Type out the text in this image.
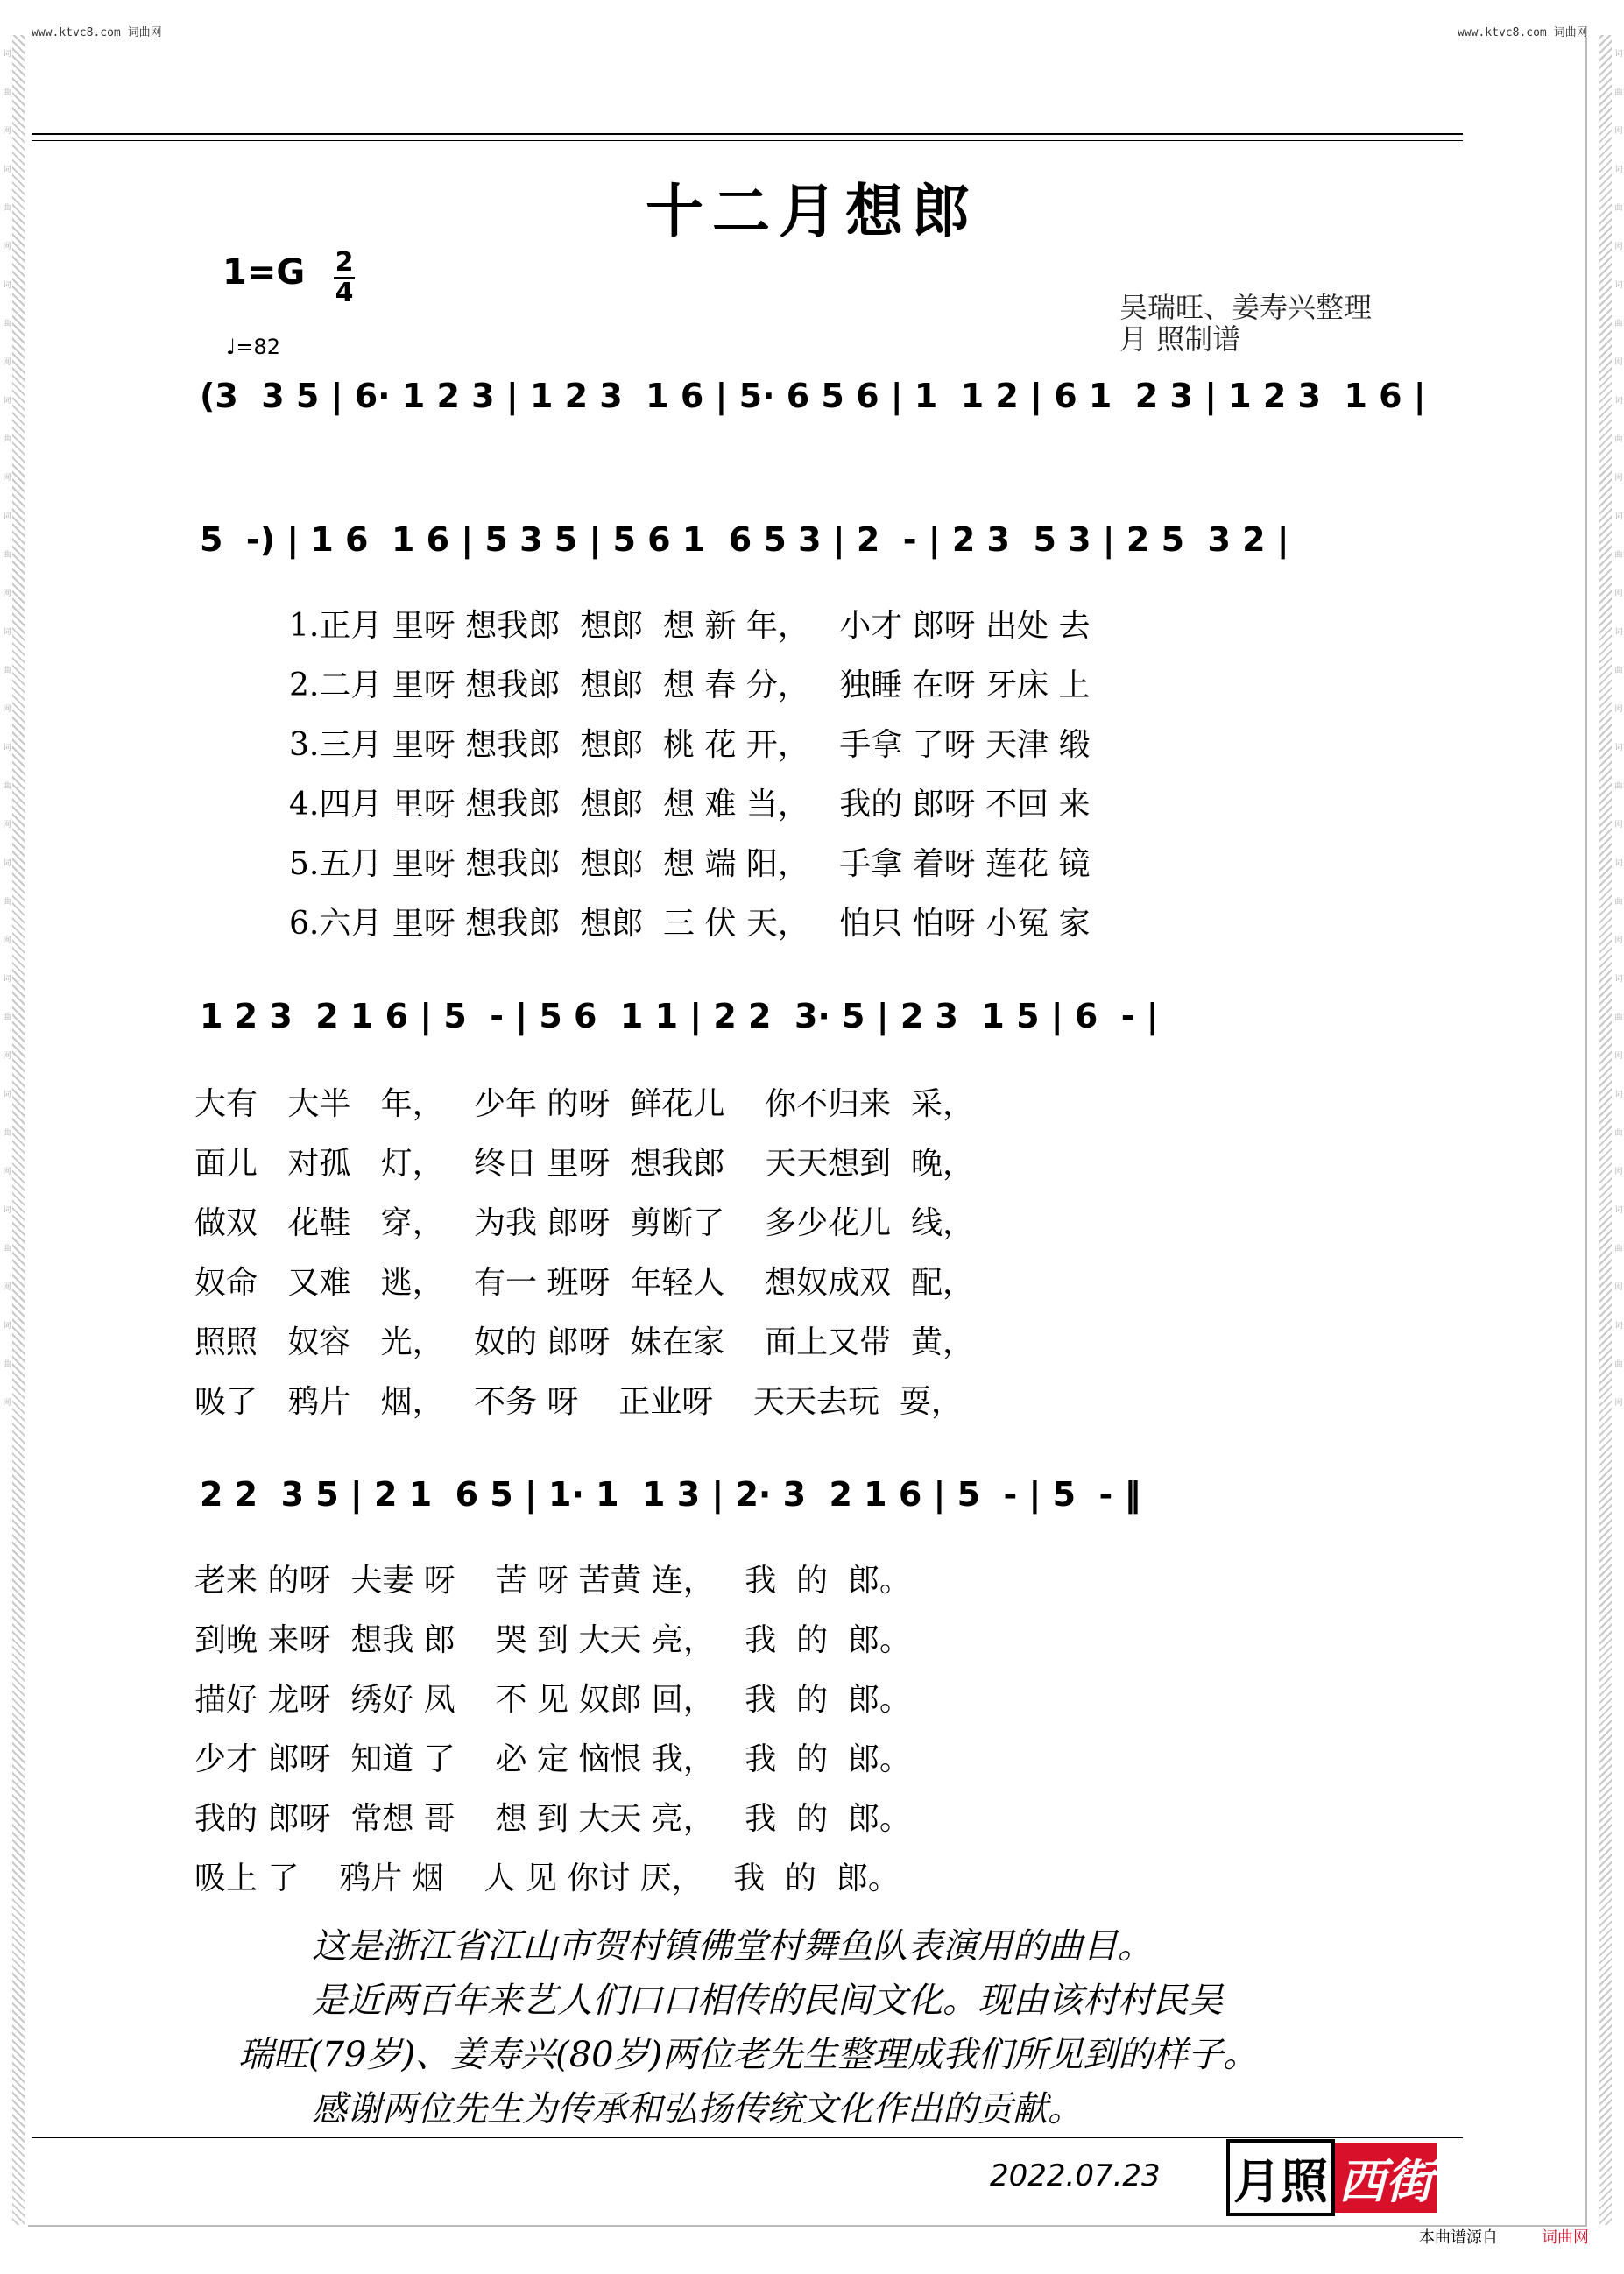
词曲网
词曲网
词曲网
词曲网
词曲网
词曲网
词曲网
词曲网
词曲网
词曲网
词曲网
词曲网
词曲网
词曲网
词曲网
词曲网
词曲网
词曲网
词曲网
词曲网
词曲网
词曲网
词曲网
词曲网
www.ktvc8.com 词曲网	www.ktvc8.com 词曲网
十二月想郎
1=G 2
4
♩=82
吴瑞旺、姜寿兴整理
月 照制谱
(3  3 5 | 6· 1 2 3 | 1 2 3  1 6 | 5· 6 5 6 | 1  1 2 | 6 1  2 3 | 1 2 3  1 6 |
5  -) | 1 6  1 6 | 5 3 5 | 5 6 1  6 5 3 | 2  - | 2 3  5 3 | 2 5  3 2 |
1.正月 里呀 想我郎  想郎  想 新 年，   小才 郎呀 出处 去
2.二月 里呀 想我郎  想郎  想 春 分，   独睡 在呀 牙床 上
3.三月 里呀 想我郎  想郎  桃 花 开，   手拿 了呀 天津 缎
4.四月 里呀 想我郎  想郎  想 难 当，   我的 郎呀 不回 来
5.五月 里呀 想我郎  想郎  想 端 阳，   手拿 着呀 莲花 镜
6.六月 里呀 想我郎  想郎  三 伏 天，   怕只 怕呀 小冤 家
1 2 3  2 1 6 | 5  - | 5 6  1 1 | 2 2  3· 5 | 2 3  1 5 | 6  - |
大有   大半   年，   少年 的呀  鲜花儿    你不归来  采，
面儿   对孤   灯，   终日 里呀  想我郎    天天想到  晚，
做双   花鞋   穿，   为我 郎呀  剪断了    多少花儿  线，
奴命   又难   逃，   有一 班呀  年轻人    想奴成双  配，
照照   奴容   光，   奴的 郎呀  妹在家    面上又带  黄，
吸了   鸦片   烟，   不务 呀    正业呀    天天去玩  耍，
2 2  3 5 | 2 1  6 5 | 1· 1  1 3 | 2· 3  2 1 6 | 5  - | 5  - ‖
老来 的呀  夫妻 呀    苦 呀 苦黄 连，   我  的  郎。
到晚 来呀  想我 郎    哭 到 大天 亮，   我  的  郎。
描好 龙呀  绣好 凤    不 见 奴郎 回，   我  的  郎。
少才 郎呀  知道 了    必 定 恼恨 我，   我  的  郎。
我的 郎呀  常想 哥    想 到 大天 亮，   我  的  郎。
吸上 了    鸦片 烟    人 见 你讨 厌，   我  的  郎。
这是浙江省江山市贺村镇佛堂村舞鱼队表演用的曲目。
是近两百年来艺人们口口相传的民间文化。现由该村村民吴
瑞旺(79岁)、姜寿兴(80岁)两位老先生整理成我们所见到的样子。
感谢两位先生为传承和弘扬传统文化作出的贡献。
2022.07.23 月照 西街
本曲谱源自	词曲网
